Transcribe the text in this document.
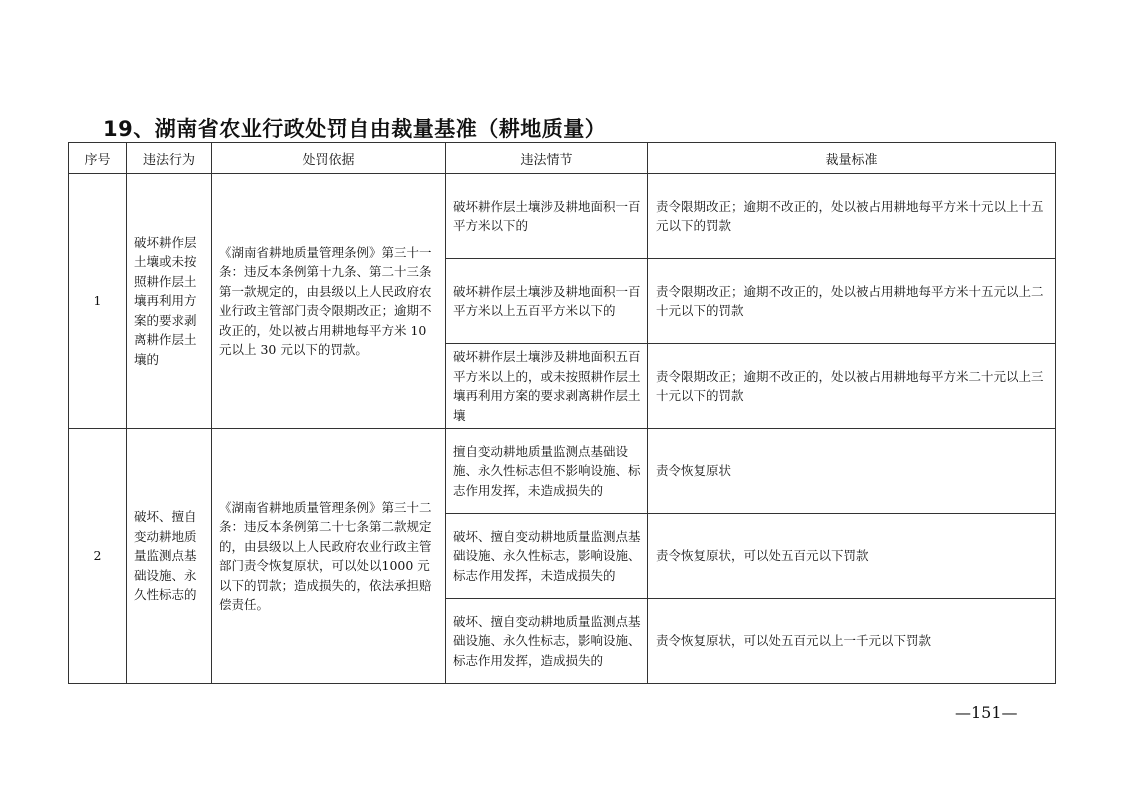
19、湖南省农业行政处罚自由裁量基准（耕地质量）
序号	违法行为	处罚依据	违法情节	裁量标准
1	破坏耕作层土壤或未按照耕作层土壤再利用方案的要求剥离耕作层土壤的	《湖南省耕地质量管理条例》第三十一条：违反本条例第十九条、第二十三条第一款规定的，由县级以上人民政府农业行政主管部门责令限期改正；逾期不改正的，处以被占用耕地每平方米 10 元以上 30 元以下的罚款。	破坏耕作层土壤涉及耕地面积一百平方米以下的	责令限期改正；逾期不改正的，处以被占用耕地每平方米十元以上十五元以下的罚款
			破坏耕作层土壤涉及耕地面积一百平方米以上五百平方米以下的	责令限期改正；逾期不改正的，处以被占用耕地每平方米十五元以上二十元以下的罚款
			破坏耕作层土壤涉及耕地面积五百平方米以上的，或未按照耕作层土壤再利用方案的要求剥离耕作层土壤	责令限期改正；逾期不改正的，处以被占用耕地每平方米二十元以上三十元以下的罚款
2	破坏、擅自变动耕地质量监测点基础设施、永久性标志的	《湖南省耕地质量管理条例》第三十二条：违反本条例第二十七条第二款规定的，由县级以上人民政府农业行政主管部门责令恢复原状，可以处以1000 元以下的罚款；造成损失的，依法承担赔偿责任。	擅自变动耕地质量监测点基础设施、永久性标志但不影响设施、标志作用发挥，未造成损失的	责令恢复原状
			破坏、擅自变动耕地质量监测点基础设施、永久性标志，影响设施、标志作用发挥，未造成损失的	责令恢复原状，可以处五百元以下罚款
			破坏、擅自变动耕地质量监测点基础设施、永久性标志，影响设施、标志作用发挥，造成损失的	责令恢复原状，可以处五百元以上一千元以下罚款
—151—
